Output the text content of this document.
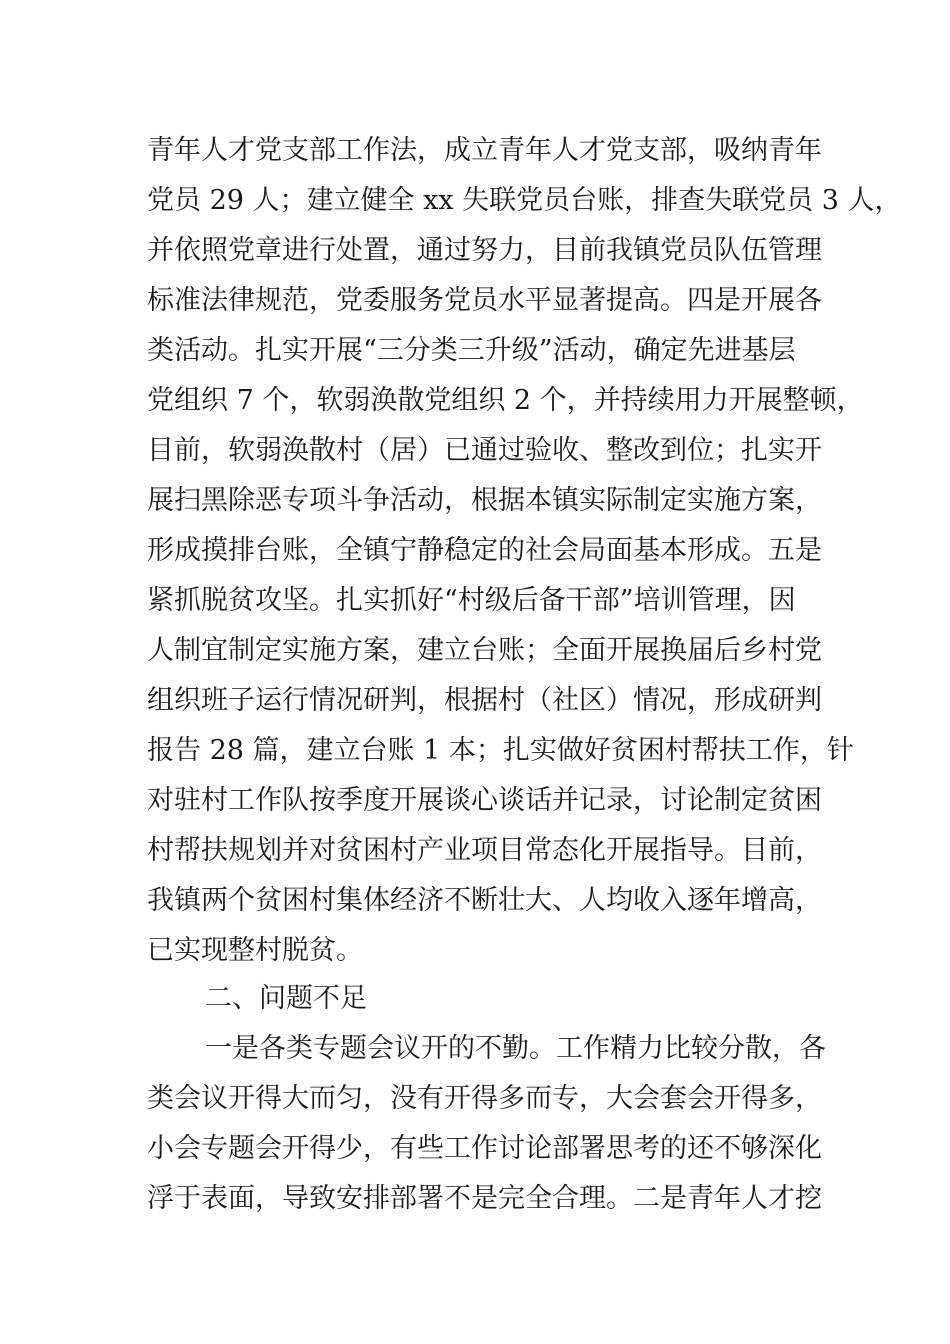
青年人才党支部工作法，成立青年人才党支部，吸纳青年
党员 29 人；建立健全 xx 失联党员台账，排查失联党员 3 人，
并依照党章进行处置，通过努力，目前我镇党员队伍管理
标准法律规范，党委服务党员水平显著提高。四是开展各
类活动。扎实开展“三分类三升级”活动，确定先进基层
党组织 7 个，软弱涣散党组织 2 个，并持续用力开展整顿，
目前，软弱涣散村（居）已通过验收、整改到位；扎实开
展扫黑除恶专项斗争活动，根据本镇实际制定实施方案，
形成摸排台账，全镇宁静稳定的社会局面基本形成。五是
紧抓脱贫攻坚。扎实抓好“村级后备干部”培训管理，因
人制宜制定实施方案，建立台账；全面开展换届后乡村党
组织班子运行情况研判，根据村（社区）情况，形成研判
报告 28 篇，建立台账 1 本；扎实做好贫困村帮扶工作，针
对驻村工作队按季度开展谈心谈话并记录，讨论制定贫困
村帮扶规划并对贫困村产业项目常态化开展指导。目前，
我镇两个贫困村集体经济不断壮大、人均收入逐年增高，
已实现整村脱贫。
二、问题不足
一是各类专题会议开的不勤。工作精力比较分散，各
类会议开得大而匀，没有开得多而专，大会套会开得多，
小会专题会开得少，有些工作讨论部署思考的还不够深化
浮于表面，导致安排部署不是完全合理。二是青年人才挖
